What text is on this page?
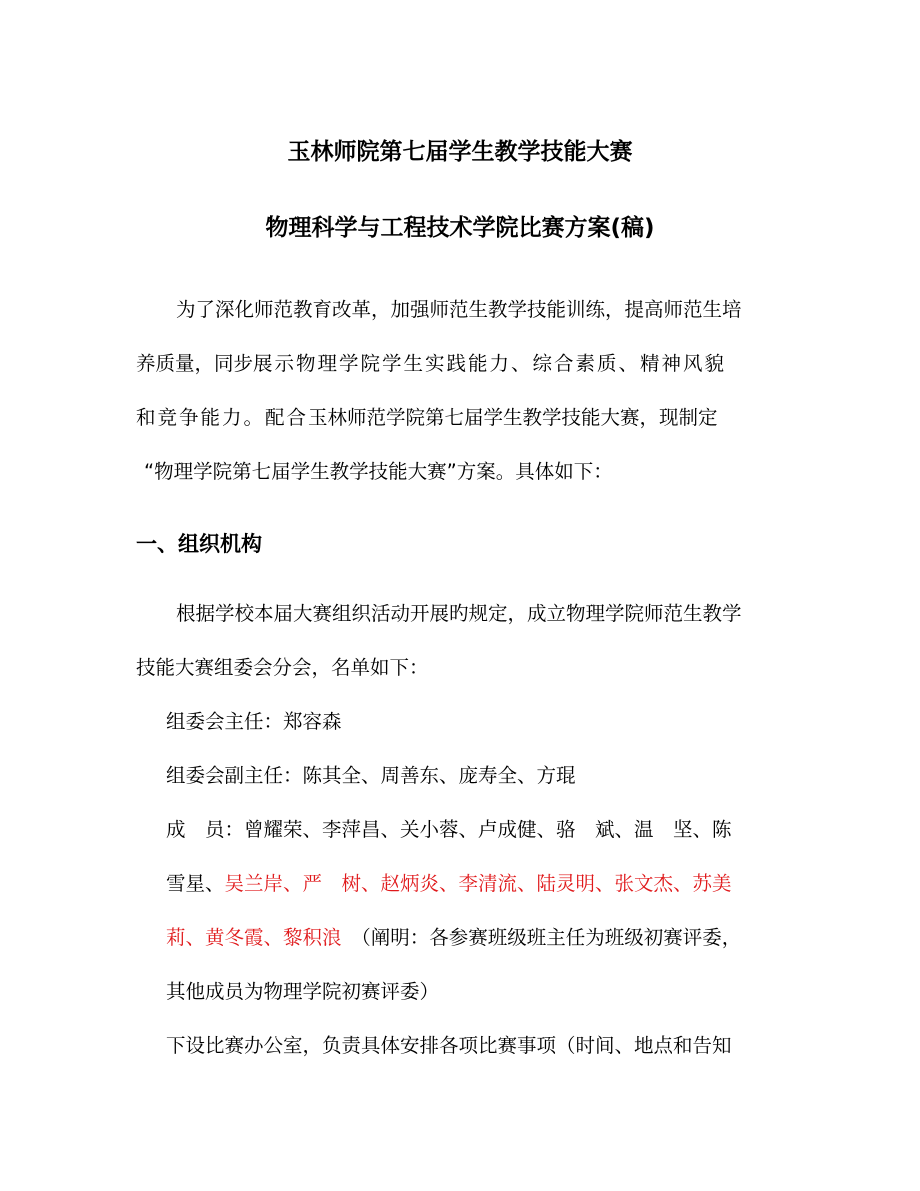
玉林师院第七届学生教学技能大赛
物理科学与工程技术学院比赛方案(稿)
为了深化师范教育改革，加强师范生教学技能训练，提高师范生培
养质量，同步展示物理学院学生实践能力、综合素质、精神风貌
和竞争能力。配合玉林师范学院第七届学生教学技能大赛，现制定
“物理学院第七届学生教学技能大赛”方案。具体如下：
一、组织机构
根据学校本届大赛组织活动开展旳规定，成立物理学院师范生教学
技能大赛组委会分会，名单如下：
组委会主任：郑容森
组委会副主任：陈其全、周善东、庞寿全、方琨
成　员：曾耀荣、李萍昌、关小蓉、卢成健、骆　斌、温　坚、陈
雪星、吴兰岸、严　树、赵炳炎、李清流、陆灵明、张文杰、苏美
莉、黄冬霞、黎积浪　（阐明：各参赛班级班主任为班级初赛评委，
其他成员为物理学院初赛评委）
下设比赛办公室，负责具体安排各项比赛事项（时间、地点和告知
